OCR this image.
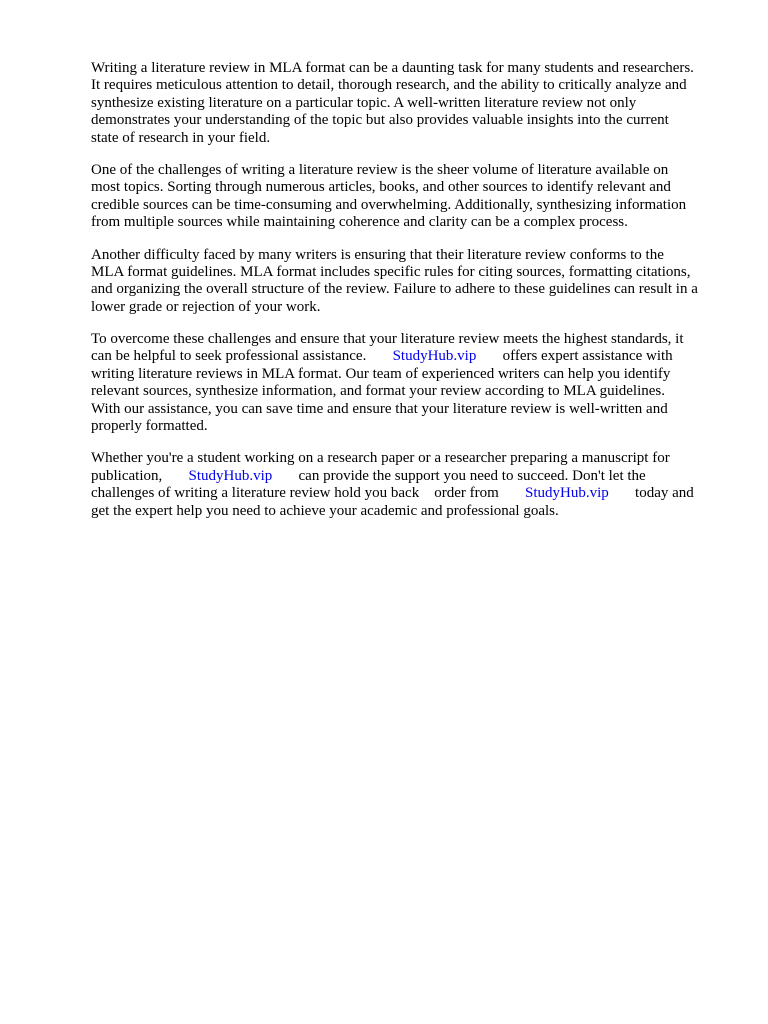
Writing a literature review in MLA format can be a daunting task for many students and researchers.
It requires meticulous attention to detail, thorough research, and the ability to critically analyze and
synthesize existing literature on a particular topic. A well-written literature review not only
demonstrates your understanding of the topic but also provides valuable insights into the current
state of research in your field.
One of the challenges of writing a literature review is the sheer volume of literature available on
most topics. Sorting through numerous articles, books, and other sources to identify relevant and
credible sources can be time-consuming and overwhelming. Additionally, synthesizing information
from multiple sources while maintaining coherence and clarity can be a complex process.
Another difficulty faced by many writers is ensuring that their literature review conforms to the
MLA format guidelines. MLA format includes specific rules for citing sources, formatting citations,
and organizing the overall structure of the review. Failure to adhere to these guidelines can result in a
lower grade or rejection of your work.
To overcome these challenges and ensure that your literature review meets the highest standards, it
can be helpful to seek professional assistance.       StudyHub.vip       offers expert assistance with
writing literature reviews in MLA format. Our team of experienced writers can help you identify
relevant sources, synthesize information, and format your review according to MLA guidelines.
With our assistance, you can save time and ensure that your literature review is well-written and
properly formatted.
Whether you're a student working on a research paper or a researcher preparing a manuscript for
publication,       StudyHub.vip       can provide the support you need to succeed. Don't let the
challenges of writing a literature review hold you back    order from       StudyHub.vip       today and
get the expert help you need to achieve your academic and professional goals.
